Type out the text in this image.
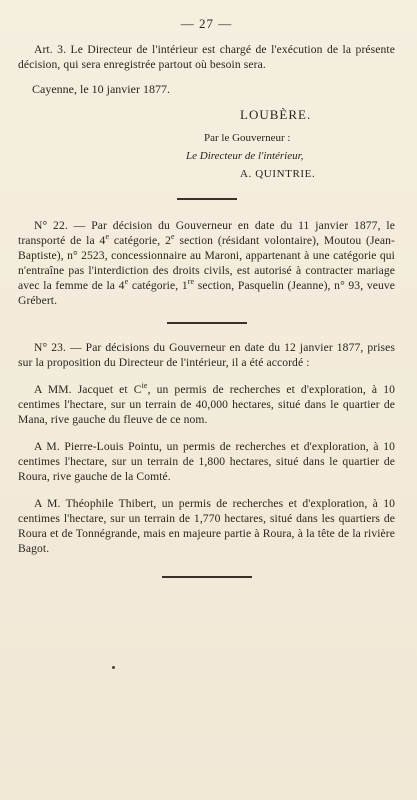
— 27 —

Art. 3. Le Directeur de l'intérieur est chargé de l'exécution de la présente décision, qui sera enregistrée partout où besoin sera.

Cayenne, le 10 janvier 1877.
LOUBÈRE.
Par le Gouverneur :
Le Directeur de l'intérieur,
A. QUINTRIE.

N° 22. — Par décision du Gouverneur en date du 11 janvier 1877, le transporté de la 4e catégorie, 2e section (résidant volontaire), Moutou (Jean-Baptiste), n° 2523, concessionnaire au Maroni, appartenant à une catégorie qui n'entraîne pas l'interdiction des droits civils, est autorisé à contracter mariage avec la femme de la 4e catégorie, 1re section, Pasquelin (Jeanne), n° 93, veuve Grébert.

N° 23. — Par décisions du Gouverneur en date du 12 janvier 1877, prises sur la proposition du Directeur de l'intérieur, il a été accordé :

A MM. Jacquet et $C^{ie}$, un permis de recherches et d'exploration, à 10 centimes l'hectare, sur un terrain de 40,000 hectares, situé dans le quartier de Mana, rive gauche du fleuve de ce nom.

A M. Pierre-Louis Pointu, un permis de recherches et d'exploration, à 10 centimes l'hectare, sur un terrain de 1,800 hectares, situé dans le quartier de Roura, rive gauche de la Comté.

A M. Théophile Thibert, un permis de recherches et d'exploration, à 10 centimes l'hectare, sur un terrain de 1,770 hectares, situé dans les quartiers de Roura et de Tonnégrande, mais en majeure partie à Roura, à la tête de la rivière Bagot.
